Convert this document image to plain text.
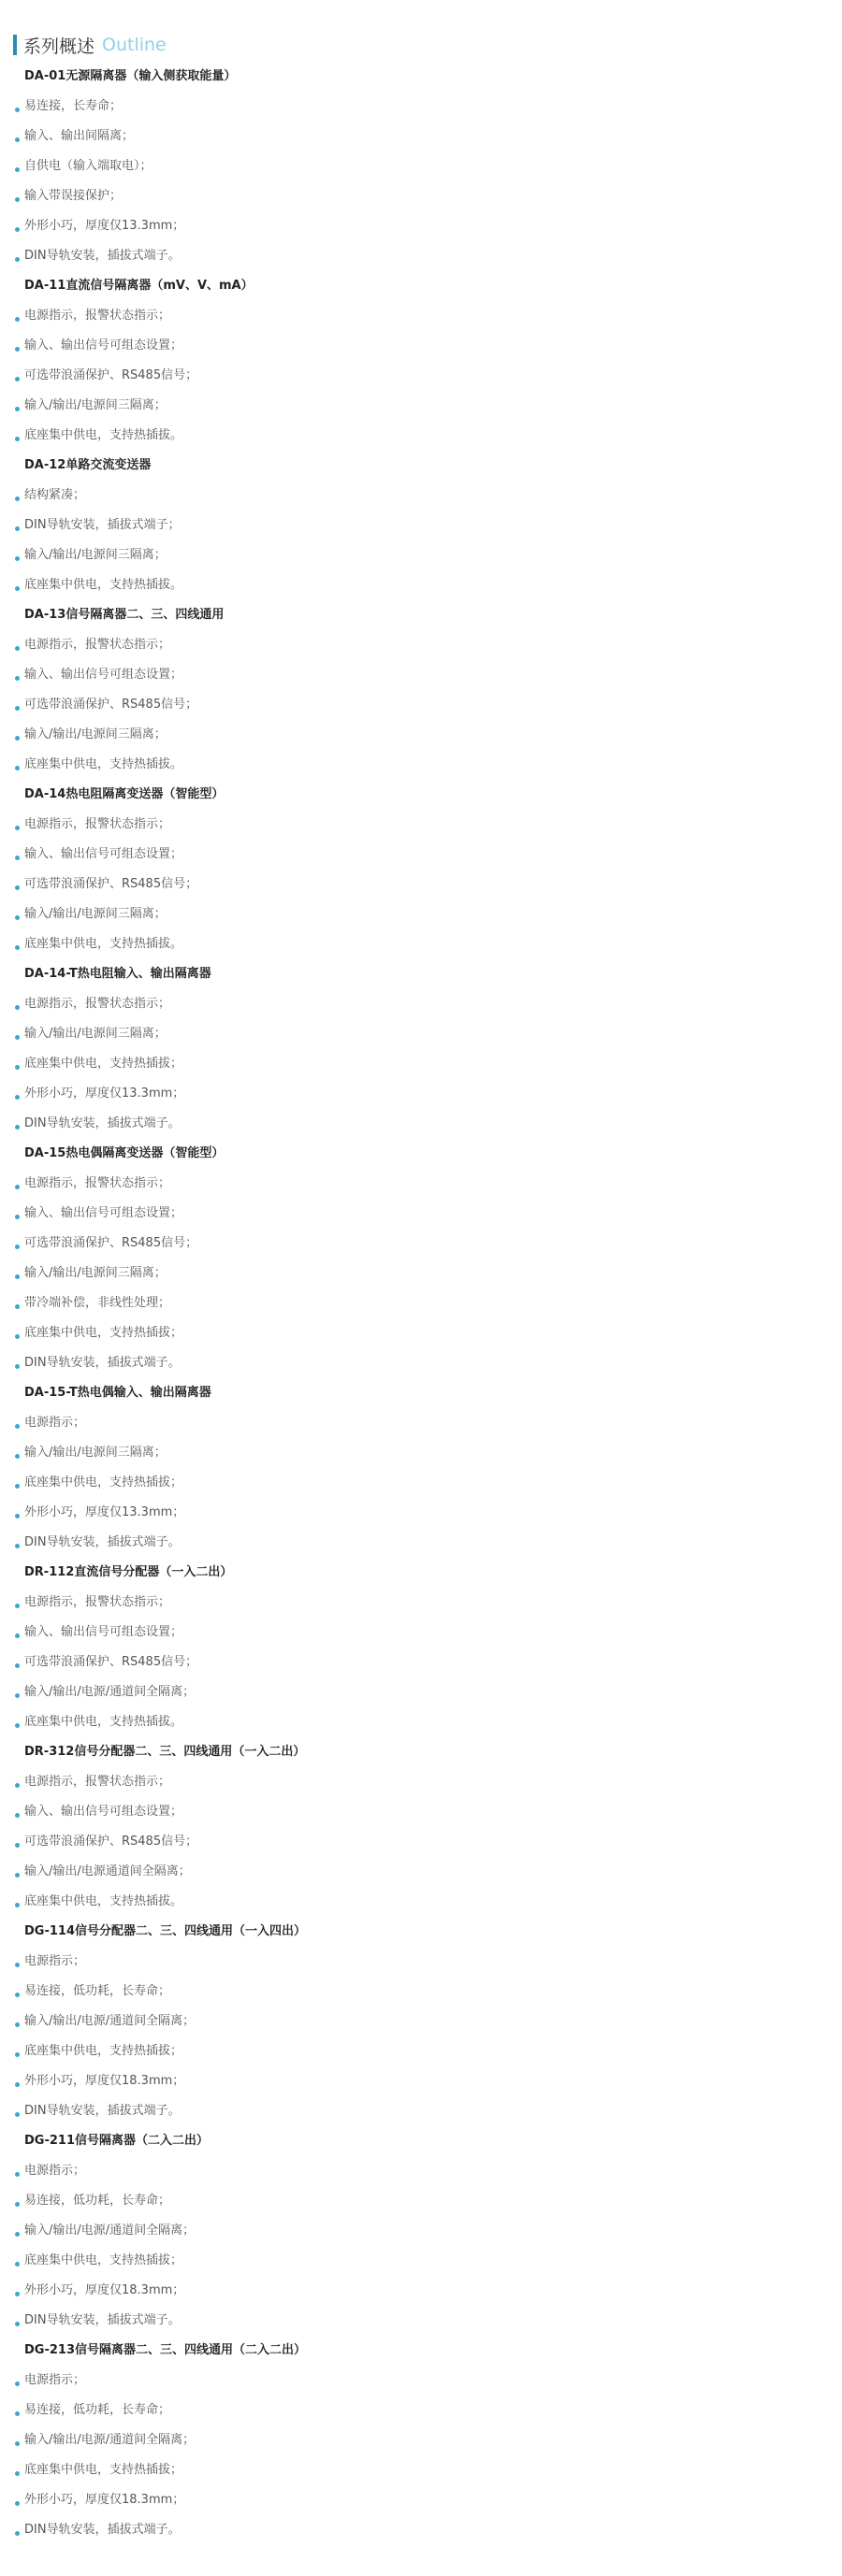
系列概述 Outline
DA-01无源隔离器（输入侧获取能量）
易连接，长寿命；
输入、输出间隔离；
自供电（输入端取电）；
输入带误接保护；
外形小巧，厚度仅13.3mm；
DIN导轨安装，插拔式端子。
DA-11直流信号隔离器（mV、V、mA）
电源指示，报警状态指示；
输入、输出信号可组态设置；
可选带浪涌保护、RS485信号；
输入/输出/电源间三隔离；
底座集中供电，支持热插拔。
DA-12单路交流变送器
结构紧凑；
DIN导轨安装，插拔式端子；
输入/输出/电源间三隔离；
底座集中供电，支持热插拔。
DA-13信号隔离器二、三、四线通用
电源指示，报警状态指示；
输入、输出信号可组态设置；
可选带浪涌保护、RS485信号；
输入/输出/电源间三隔离；
底座集中供电，支持热插拔。
DA-14热电阻隔离变送器（智能型）
电源指示，报警状态指示；
输入、输出信号可组态设置；
可选带浪涌保护、RS485信号；
输入/输出/电源间三隔离；
底座集中供电，支持热插拔。
DA-14-T热电阻输入、输出隔离器
电源指示，报警状态指示；
输入/输出/电源间三隔离；
底座集中供电，支持热插拔；
外形小巧，厚度仅13.3mm；
DIN导轨安装，插拔式端子。
DA-15热电偶隔离变送器（智能型）
电源指示，报警状态指示；
输入、输出信号可组态设置；
可选带浪涌保护、RS485信号；
输入/输出/电源间三隔离；
带冷端补偿，非线性处理；
底座集中供电，支持热插拔；
DIN导轨安装，插拔式端子。
DA-15-T热电偶输入、输出隔离器
电源指示；
输入/输出/电源间三隔离；
底座集中供电，支持热插拔；
外形小巧，厚度仅13.3mm；
DIN导轨安装，插拔式端子。
DR-112直流信号分配器（一入二出）
电源指示，报警状态指示；
输入、输出信号可组态设置；
可选带浪涌保护、RS485信号；
输入/输出/电源/通道间全隔离；
底座集中供电，支持热插拔。
DR-312信号分配器二、三、四线通用（一入二出）
电源指示，报警状态指示；
输入、输出信号可组态设置；
可选带浪涌保护、RS485信号；
输入/输出/电源通道间全隔离；
底座集中供电，支持热插拔。
DG-114信号分配器二、三、四线通用（一入四出）
电源指示；
易连接，低功耗，长寿命；
输入/输出/电源/通道间全隔离；
底座集中供电，支持热插拔；
外形小巧，厚度仅18.3mm；
DIN导轨安装，插拔式端子。
DG-211信号隔离器（二入二出）
电源指示；
易连接，低功耗，长寿命；
输入/输出/电源/通道间全隔离；
底座集中供电，支持热插拔；
外形小巧，厚度仅18.3mm；
DIN导轨安装，插拔式端子。
DG-213信号隔离器二、三、四线通用（二入二出）
电源指示；
易连接，低功耗，长寿命；
输入/输出/电源/通道间全隔离；
底座集中供电，支持热插拔；
外形小巧，厚度仅18.3mm；
DIN导轨安装，插拔式端子。
